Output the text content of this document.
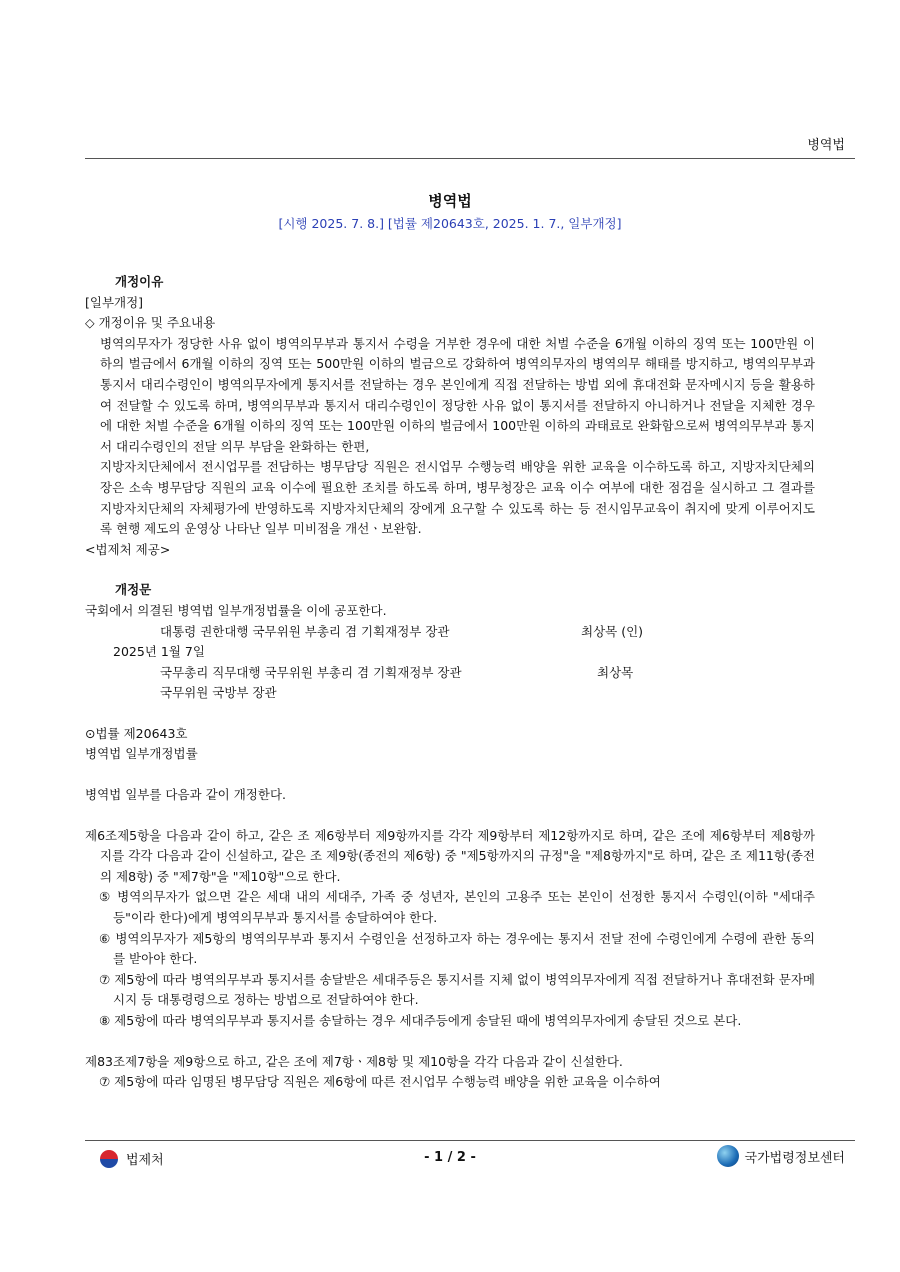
병역법
병역법
[시행 2025. 7. 8.] [법률 제20643호, 2025. 1. 7., 일부개정]
개정이유
[일부개정]
◇ 개정이유 및 주요내용
병역의무자가 정당한 사유 없이 병역의무부과 통지서 수령을 거부한 경우에 대한 처벌 수준을 6개월 이하의 징역 또는 100만원 이하의 벌금에서 6개월 이하의 징역 또는 500만원 이하의 벌금으로 강화하여 병역의무자의 병역의무 해태를 방지하고, 병역의무부과 통지서 대리수령인이 병역의무자에게 통지서를 전달하는 경우 본인에게 직접 전달하는 방법 외에 휴대전화 문자메시지 등을 활용하여 전달할 수 있도록 하며, 병역의무부과 통지서 대리수령인이 정당한 사유 없이 통지서를 전달하지 아니하거나 전달을 지체한 경우에 대한 처벌 수준을 6개월 이하의 징역 또는 100만원 이하의 벌금에서 100만원 이하의 과태료로 완화함으로써 병역의무부과 통지서 대리수령인의 전달 의무 부담을 완화하는 한편,
지방자치단체에서 전시업무를 전담하는 병무담당 직원은 전시업무 수행능력 배양을 위한 교육을 이수하도록 하고, 지방자치단체의 장은 소속 병무담당 직원의 교육 이수에 필요한 조치를 하도록 하며, 병무청장은 교육 이수 여부에 대한 점검을 실시하고 그 결과를 지방자치단체의 자체평가에 반영하도록 지방자치단체의 장에게 요구할 수 있도록 하는 등 전시임무교육이 취지에 맞게 이루어지도록 현행 제도의 운영상 나타난 일부 미비점을 개선ㆍ보완함.
<법제처 제공>
개정문
국회에서 의결된 병역법 일부개정법률을 이에 공포한다.
대통령 권한대행 국무위원 부총리 겸 기획재정부 장관	최상목 (인)
2025년 1월 7일
국무총리 직무대행 국무위원 부총리 겸 기획재정부 장관	최상목
국무위원 국방부 장관
⊙법률 제20643호
병역법 일부개정법률
병역법 일부를 다음과 같이 개정한다.
제6조제5항을 다음과 같이 하고, 같은 조 제6항부터 제9항까지를 각각 제9항부터 제12항까지로 하며, 같은 조에 제6항부터 제8항까지를 각각 다음과 같이 신설하고, 같은 조 제9항(종전의 제6항) 중 "제5항까지의 규정"을 "제8항까지"로 하며, 같은 조 제11항(종전의 제8항) 중 "제7항"을 "제10항"으로 한다.
⑤ 병역의무자가 없으면 같은 세대 내의 세대주, 가족 중 성년자, 본인의 고용주 또는 본인이 선정한 통지서 수령인(이하 "세대주등"이라 한다)에게 병역의무부과 통지서를 송달하여야 한다.
⑥ 병역의무자가 제5항의 병역의무부과 통지서 수령인을 선정하고자 하는 경우에는 통지서 전달 전에 수령인에게 수령에 관한 동의를 받아야 한다.
⑦ 제5항에 따라 병역의무부과 통지서를 송달받은 세대주등은 통지서를 지체 없이 병역의무자에게 직접 전달하거나 휴대전화 문자메시지 등 대통령령으로 정하는 방법으로 전달하여야 한다.
⑧ 제5항에 따라 병역의무부과 통지서를 송달하는 경우 세대주등에게 송달된 때에 병역의무자에게 송달된 것으로 본다.
제83조제7항을 제9항으로 하고, 같은 조에 제7항ㆍ제8항 및 제10항을 각각 다음과 같이 신설한다.
⑦ 제5항에 따라 임명된 병무담당 직원은 제6항에 따른 전시업무 수행능력 배양을 위한 교육을 이수하여
법제처	- 1 / 2 -	국가법령정보센터
